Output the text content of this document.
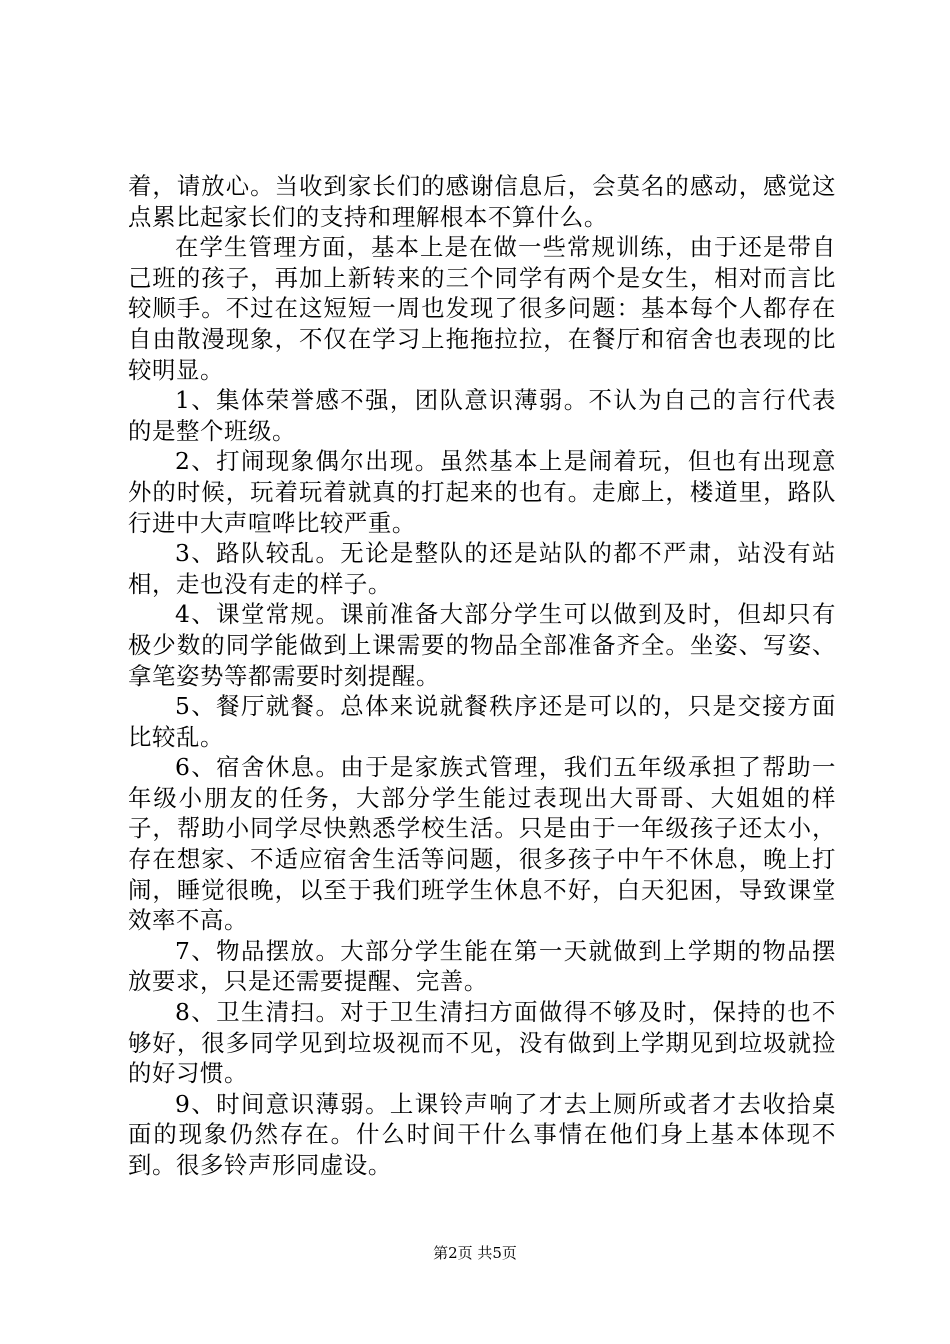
着，请放心。当收到家长们的感谢信息后，会莫名的感动，感觉这点累比起家长们的支持和理解根本不算什么。

在学生管理方面，基本上是在做一些常规训练，由于还是带自己班的孩子，再加上新转来的三个同学有两个是女生，相对而言比较顺手。不过在这短短一周也发现了很多问题：基本每个人都存在自由散漫现象，不仅在学习上拖拖拉拉，在餐厅和宿舍也表现的比较明显。

1、集体荣誉感不强，团队意识薄弱。不认为自己的言行代表的是整个班级。

2、打闹现象偶尔出现。虽然基本上是闹着玩，但也有出现意外的时候，玩着玩着就真的打起来的也有。走廊上，楼道里，路队行进中大声喧哗比较严重。

3、路队较乱。无论是整队的还是站队的都不严肃，站没有站相，走也没有走的样子。

4、课堂常规。课前准备大部分学生可以做到及时，但却只有极少数的同学能做到上课需要的物品全部准备齐全。坐姿、写姿、拿笔姿势等都需要时刻提醒。

5、餐厅就餐。总体来说就餐秩序还是可以的，只是交接方面比较乱。

6、宿舍休息。由于是家族式管理，我们五年级承担了帮助一年级小朋友的任务，大部分学生能过表现出大哥哥、大姐姐的样子，帮助小同学尽快熟悉学校生活。只是由于一年级孩子还太小，存在想家、不适应宿舍生活等问题，很多孩子中午不休息，晚上打闹，睡觉很晚，以至于我们班学生休息不好，白天犯困，导致课堂效率不高。

7、物品摆放。大部分学生能在第一天就做到上学期的物品摆放要求，只是还需要提醒、完善。

8、卫生清扫。对于卫生清扫方面做得不够及时，保持的也不够好，很多同学见到垃圾视而不见，没有做到上学期见到垃圾就捡的好习惯。

9、时间意识薄弱。上课铃声响了才去上厕所或者才去收拾桌面的现象仍然存在。什么时间干什么事情在他们身上基本体现不到。很多铃声形同虚设。

第2页 共5页
